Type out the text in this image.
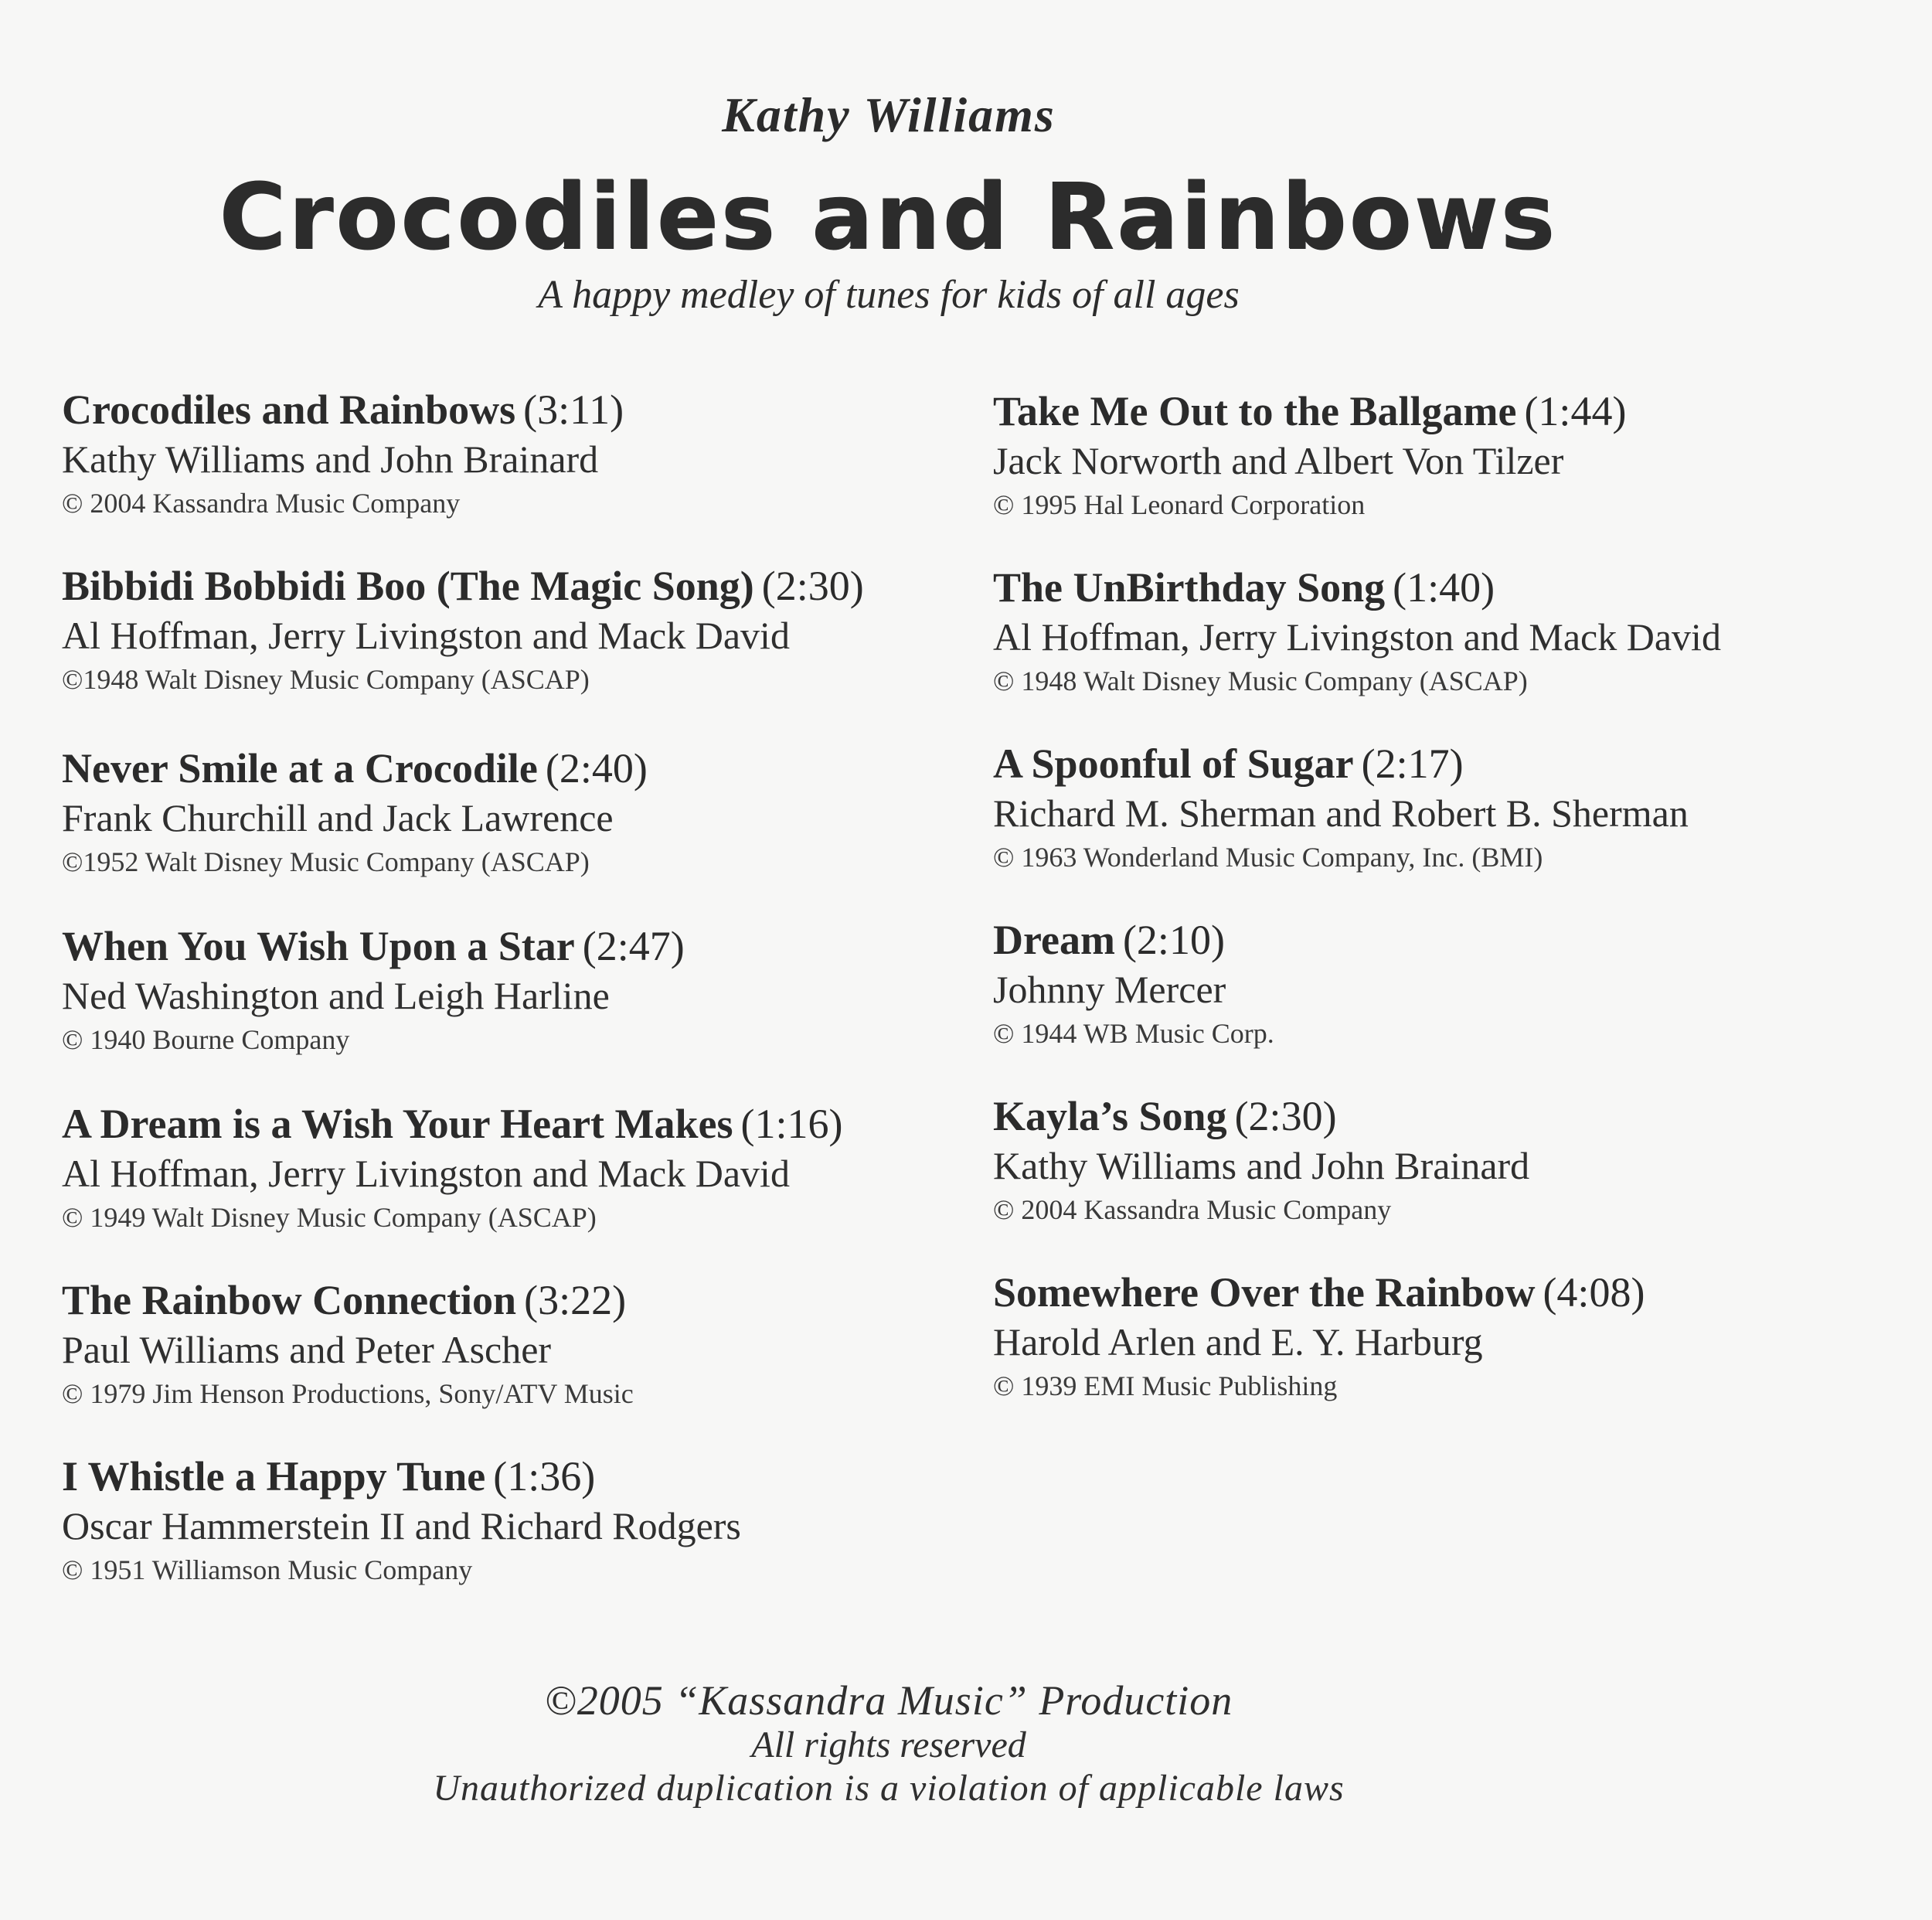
Kathy Williams
Crocodiles and Rainbows
A happy medley of tunes for kids of all ages
Crocodiles and Rainbows (3:11)
Kathy Williams and John Brainard
© 2004 Kassandra Music Company
Bibbidi Bobbidi Boo (The Magic Song) (2:30)
Al Hoffman, Jerry Livingston and Mack David
©1948 Walt Disney Music Company (ASCAP)
Never Smile at a Crocodile (2:40)
Frank Churchill and Jack Lawrence
©1952 Walt Disney Music Company (ASCAP)
When You Wish Upon a Star (2:47)
Ned Washington and Leigh Harline
© 1940 Bourne Company
A Dream is a Wish Your Heart Makes (1:16)
Al Hoffman, Jerry Livingston and Mack David
© 1949 Walt Disney Music Company (ASCAP)
The Rainbow Connection (3:22)
Paul Williams and Peter Ascher
© 1979 Jim Henson Productions, Sony/ATV Music
I Whistle a Happy Tune (1:36)
Oscar Hammerstein II and Richard Rodgers
© 1951 Williamson Music Company
Take Me Out to the Ballgame (1:44)
Jack Norworth and Albert Von Tilzer
© 1995 Hal Leonard Corporation
The UnBirthday Song (1:40)
Al Hoffman, Jerry Livingston and Mack David
© 1948 Walt Disney Music Company (ASCAP)
A Spoonful of Sugar (2:17)
Richard M. Sherman and Robert B. Sherman
© 1963 Wonderland Music Company, Inc. (BMI)
Dream (2:10)
Johnny Mercer
© 1944 WB Music Corp.
Kayla’s Song (2:30)
Kathy Williams and John Brainard
© 2004 Kassandra Music Company
Somewhere Over the Rainbow (4:08)
Harold Arlen and E. Y. Harburg
© 1939 EMI Music Publishing
©2005 “Kassandra Music” Production
All rights reserved
Unauthorized duplication is a violation of applicable laws
